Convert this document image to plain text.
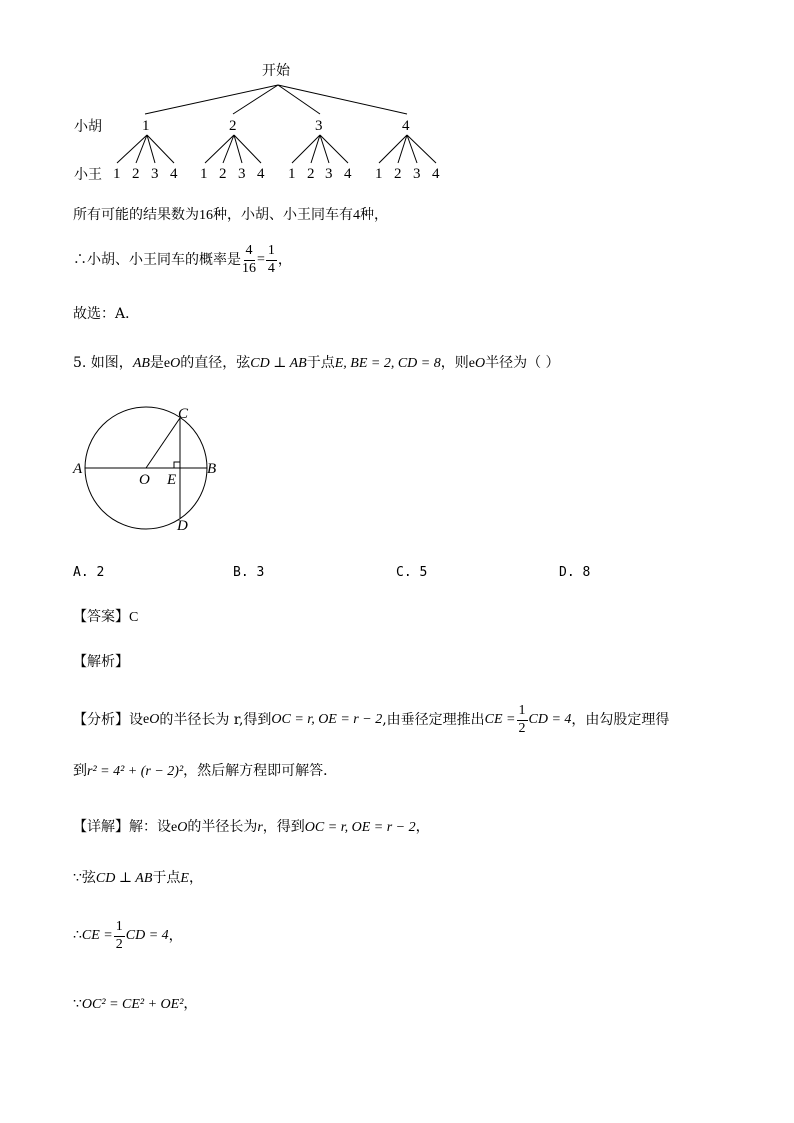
开始
小胡
小王
1	2	3	4
1 2 3 4 1 2 3 4 1 2 3 4 1 2 3 4
所有可能的结果数为16种，小胡、小王同车有4种，
∴小胡、小王同车的概率是 $\frac{4}{16} = \frac{1}{4}$ ，
故选：A．
5. 如图，AB是eO的直径，弦CD ⊥ AB于点E, BE = 2, CD = 8，则eO半径为（ ）
A	B
C
D
O E
A. 2	B. 3	C. 5	D. 8
【答案】C
【解析】
【分析】 设 e O 的半径长为 r, 得到 OC = r, OE = r − 2 ,由垂径定理推出 CE = $\frac{1}{2}$ CD = 4 ，由勾股定理得
到r² = 4² + (r − 2)²，然后解方程即可解答．
【详解】解：设eO的半径长为r，得到OC = r, OE = r − 2，
∵弦CD ⊥ AB于点E，
∴ CE = $\frac{1}{2}$ CD = 4 ，
∵OC² = CE² + OE²，
